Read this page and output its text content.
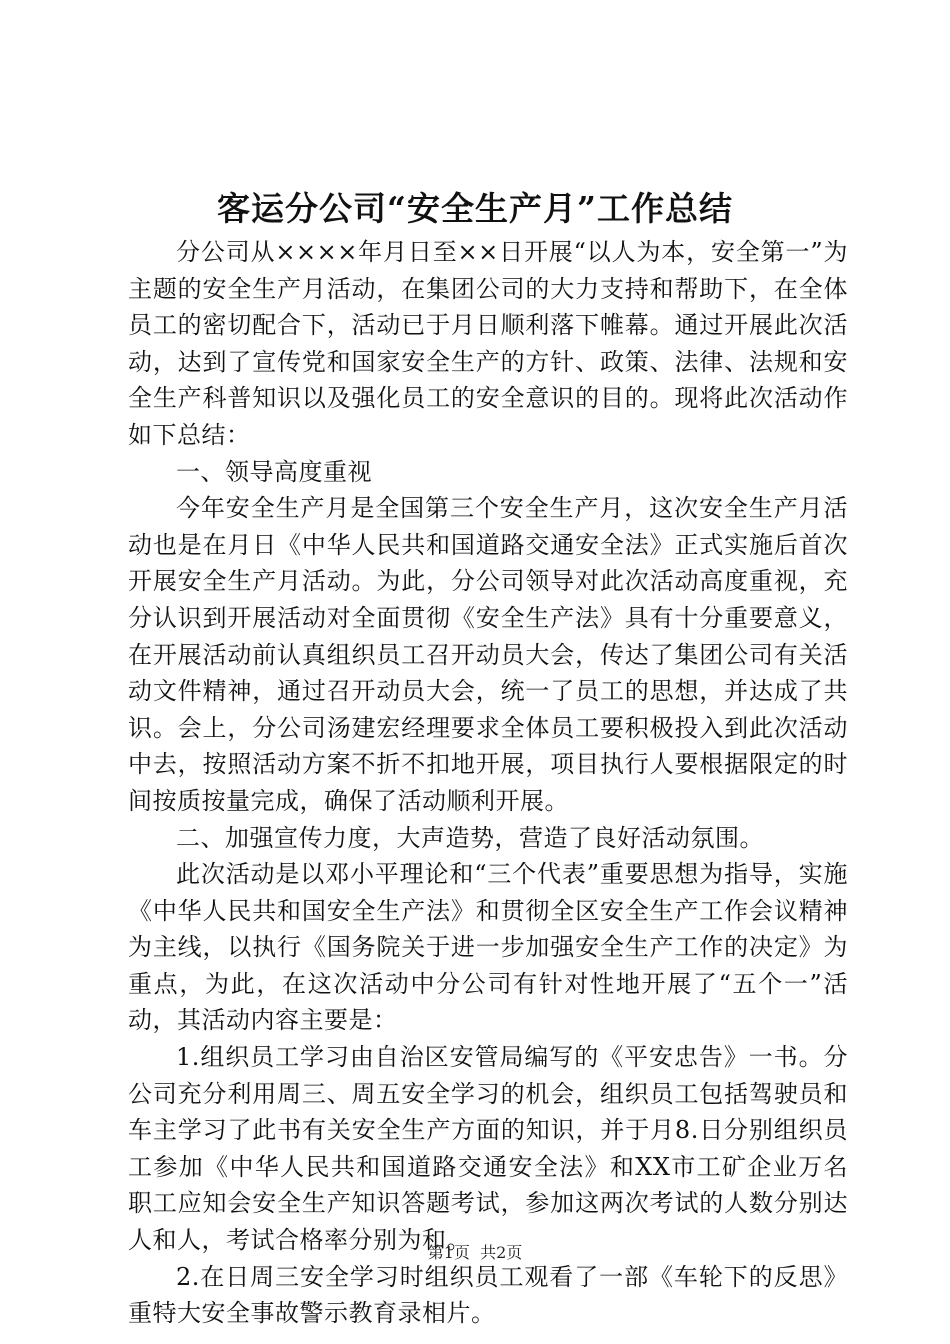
客运分公司“安全生产月”工作总结

分公司从××××年月日至××日开展“以人为本，安全第一”为主题的安全生产月活动，在集团公司的大力支持和帮助下，在全体员工的密切配合下，活动已于月日顺利落下帷幕。通过开展此次活动，达到了宣传党和国家安全生产的方针、政策、法律、法规和安全生产科普知识以及强化员工的安全意识的目的。现将此次活动作如下总结：

一、领导高度重视

今年安全生产月是全国第三个安全生产月，这次安全生产月活动也是在月日《中华人民共和国道路交通安全法》正式实施后首次开展安全生产月活动。为此，分公司领导对此次活动高度重视，充分认识到开展活动对全面贯彻《安全生产法》具有十分重要意义，在开展活动前认真组织员工召开动员大会，传达了集团公司有关活动文件精神，通过召开动员大会，统一了员工的思想，并达成了共识。会上，分公司汤建宏经理要求全体员工要积极投入到此次活动中去，按照活动方案不折不扣地开展，项目执行人要根据限定的时间按质按量完成，确保了活动顺利开展。

二、加强宣传力度，大声造势，营造了良好活动氛围。

此次活动是以邓小平理论和“三个代表”重要思想为指导，实施《中华人民共和国安全生产法》和贯彻全区安全生产工作会议精神为主线，以执行《国务院关于进一步加强安全生产工作的决定》为重点，为此，在这次活动中分公司有针对性地开展了“五个一”活动，其活动内容主要是：

1.组织员工学习由自治区安管局编写的《平安忠告》一书。分公司充分利用周三、周五安全学习的机会，组织员工包括驾驶员和车主学习了此书有关安全生产方面的知识，并于月8.日分别组织员工参加《中华人民共和国道路交通安全法》和XX市工矿企业万名职工应知会安全生产知识答题考试，参加这两次考试的人数分别达人和人，考试合格率分别为和。

2.在日周三安全学习时组织员工观看了一部《车轮下的反思》重特大安全事故警示教育录相片。

第1页  共2页
